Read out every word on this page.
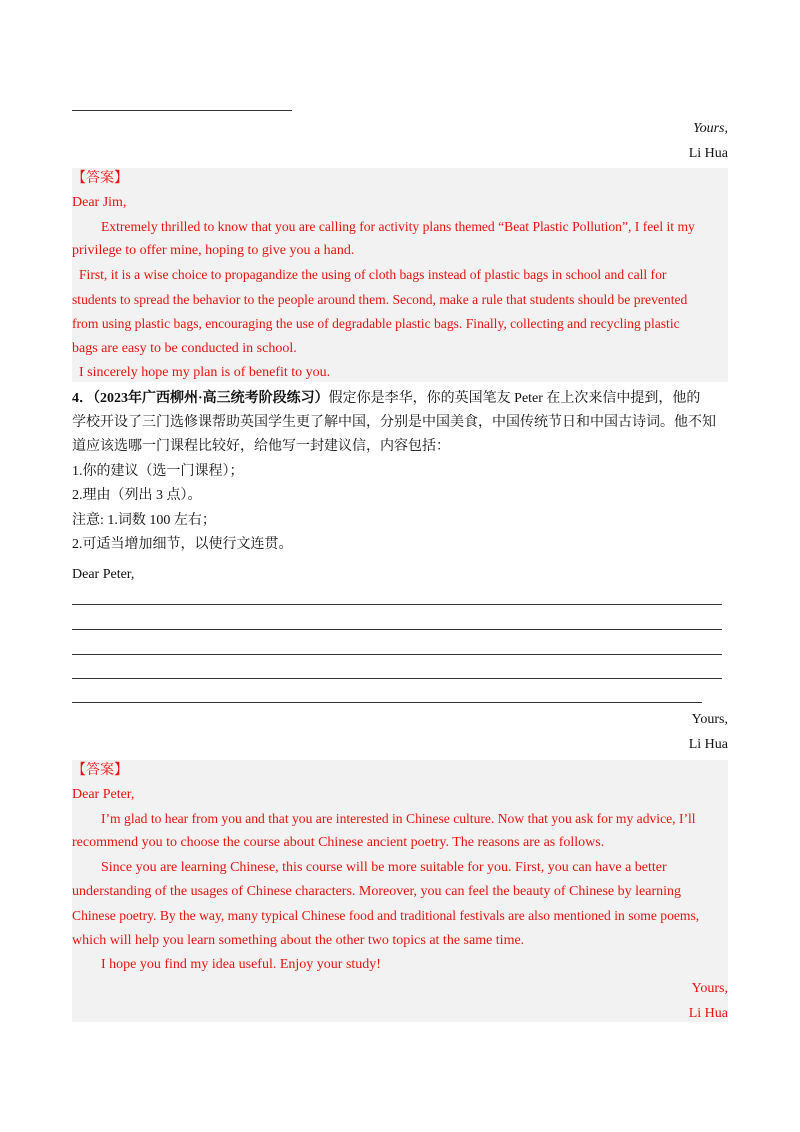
Yours,
Li Hua
【答案】
Dear Jim,
Extremely thrilled to know that you are calling for activity plans themed “Beat Plastic Pollution”, I feel it my
privilege to offer mine, hoping to give you a hand.
First, it is a wise choice to propagandize the using of cloth bags instead of plastic bags in school and call for
students to spread the behavior to the people around them. Second, make a rule that students should be prevented
from using plastic bags, encouraging the use of degradable plastic bags. Finally, collecting and recycling plastic
bags are easy to be conducted in school.
I sincerely hope my plan is of benefit to you.
4．（2023年广西柳州·高三统考阶段练习）假定你是李华，你的英国笔友 Peter 在上次来信中提到，他的
学校开设了三门选修课帮助英国学生更了解中国，分别是中国美食，中国传统节日和中国古诗词。他不知
道应该选哪一门课程比较好，给他写一封建议信，内容包括：
1.你的建议（选一门课程）；
2.理由（列出 3 点）。
注意: 1.词数 100 左右；
2.可适当增加细节，以使行文连贯。
Dear Peter,
Yours,
Li Hua
【答案】
Dear Peter,
I’m glad to hear from you and that you are interested in Chinese culture. Now that you ask for my advice, I’ll
recommend you to choose the course about Chinese ancient poetry. The reasons are as follows.
Since you are learning Chinese, this course will be more suitable for you. First, you can have a better
understanding of the usages of Chinese characters. Moreover, you can feel the beauty of Chinese by learning
Chinese poetry. By the way, many typical Chinese food and traditional festivals are also mentioned in some poems,
which will help you learn something about the other two topics at the same time.
I hope you find my idea useful. Enjoy your study!
Yours,
Li Hua
